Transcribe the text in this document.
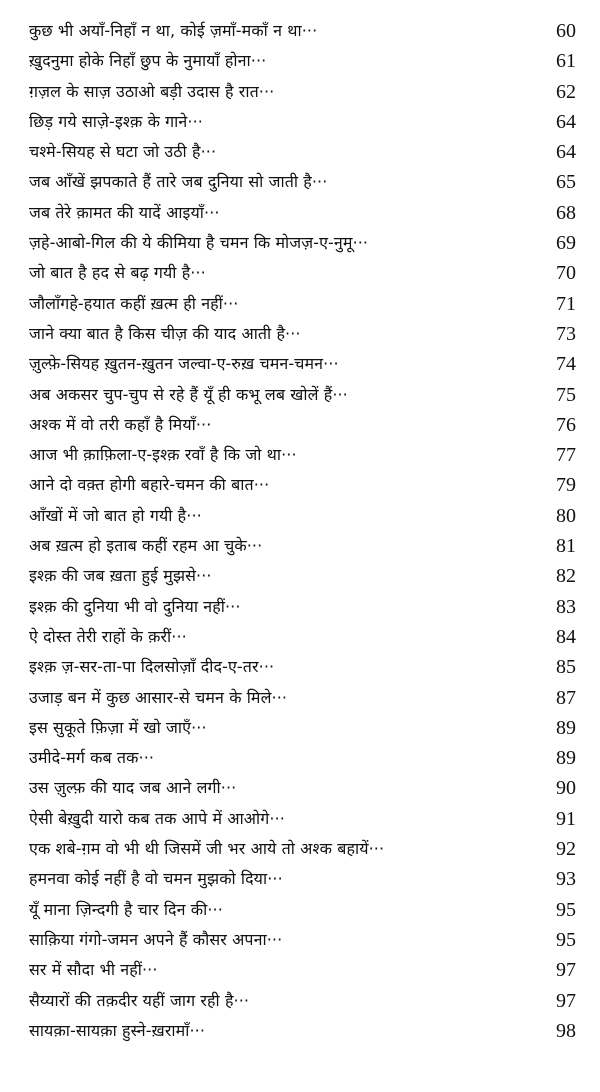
कुछ भी अयाँ-निहाँ न था, कोई ज़माँ-मकाँ न था···	60
ख़ुदनुमा होके निहाँ छुप के नुमायाँ होना···	61
ग़ज़ल के साज़ उठाओ बड़ी उदास है रात···	62
छिड़ गये साज़े-इश्क़ के गाने···	64
चश्मे-सियह से घटा जो उठी है···	64
जब आँखें झपकाते हैं तारे जब दुनिया सो जाती है···	65
जब तेरे क़ामत की यादें आइयाँ···	68
ज़हे-आबो-गिल की ये कीमिया है चमन कि मोजज़-ए-नुमू···	69
जो बात है हद से बढ़ गयी है···	70
जौलाँगहे-हयात कहीं ख़त्म ही नहीं···	71
जाने क्या बात है किस चीज़ की याद आती है···	73
ज़ुल्फ़े-सियह ख़ुतन-ख़ुतन जल्वा-ए-रुख़ चमन-चमन···	74
अब अकसर चुप-चुप से रहे हैं यूँ ही कभू लब खोलें हैं···	75
अश्क में वो तरी कहाँ है मियाँ···	76
आज भी क़ाफ़िला-ए-इश्क़ रवाँ है कि जो था···	77
आने दो वक़्त होगी बहारे-चमन की बात···	79
आँखों में जो बात हो गयी है···	80
अब ख़त्म हो इताब कहीं रहम आ चुके···	81
इश्क़ की जब ख़ता हुई मुझसे···	82
इश्क़ की दुनिया भी वो दुनिया नहीं···	83
ऐ दोस्त तेरी राहों के क़रीं···	84
इश्क़ ज़-सर-ता-पा दिलसोज़ाँ दीद-ए-तर···	85
उजाड़ बन में कुछ आसार-से चमन के मिले···	87
इस सुकूते फ़िज़ा में खो जाएँ···	89
उमीदे-मर्ग कब तक···	89
उस ज़ुल्फ़ की याद जब आने लगी···	90
ऐसी बेख़ुदी यारो कब तक आपे में आओगे···	91
एक शबे-ग़म वो भी थी जिसमें जी भर आये तो अश्क बहायें···	92
हमनवा कोई नहीं है वो चमन मुझको दिया···	93
यूँ माना ज़िन्दगी है चार दिन की···	95
साक़िया गंगो-जमन अपने हैं कौसर अपना···	95
सर में सौदा भी नहीं···	97
सैय्यारों की तक़दीर यहीं जाग रही है···	97
सायक़ा-सायक़ा हुस्ने-ख़रामाँ···	98
